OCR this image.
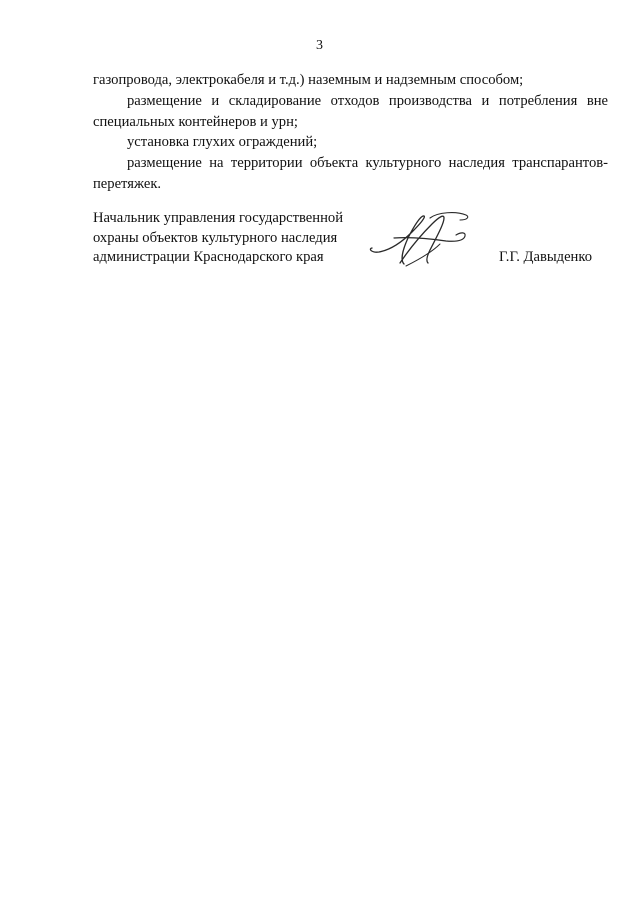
3
газопровода, электрокабеля и т.д.) наземным и надземным способом;
размещение и складирование отходов производства и потребления вне
специальных контейнеров и урн;
установка глухих ограждений;
размещение на территории объекта культурного наследия транспарантов-
перетяжек.
Начальник управления государственной
охраны объектов культурного наследия
администрации Краснодарского края	Г.Г. Давыденко
